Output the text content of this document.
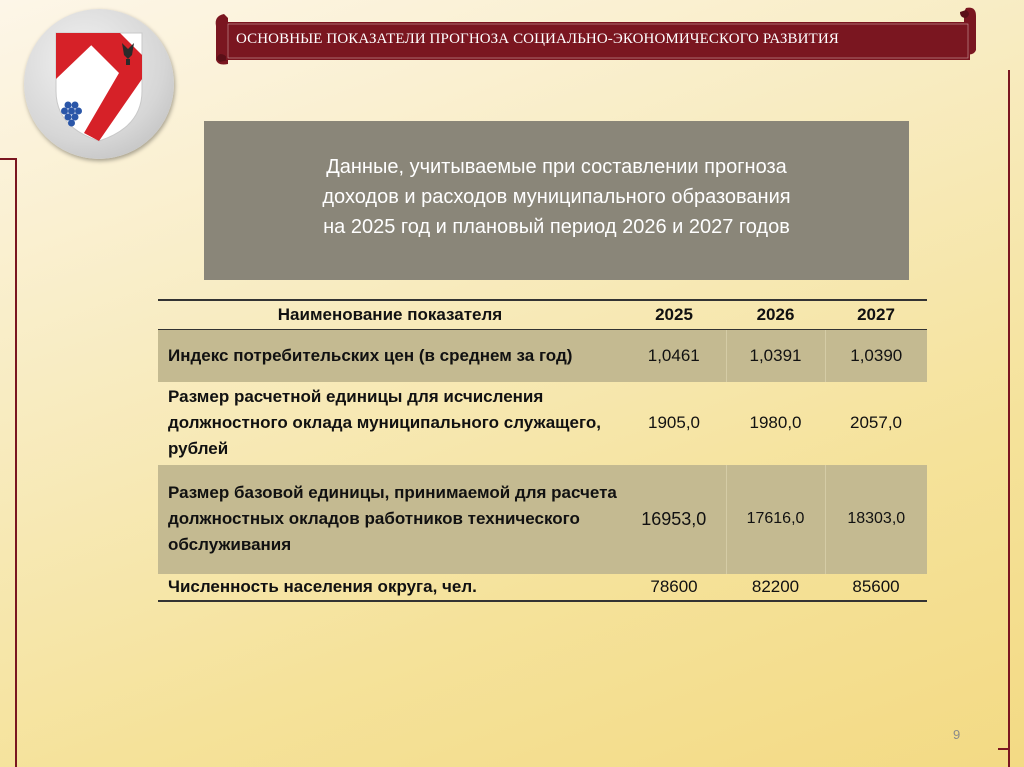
ОСНОВНЫЕ ПОКАЗАТЕЛИ ПРОГНОЗА СОЦИАЛЬНО-ЭКОНОМИЧЕСКОГО РАЗВИТИЯ
Данные, учитываемые при составлении прогноза
доходов и расходов муниципального образования
на 2025 год и плановый период 2026 и 2027 годов
Наименование показателя	2025	2026	2027
Индекс потребительских цен (в среднем за год)	1,0461	1,0391	1,0390
Размер расчетной единицы для исчисления должностного оклада муниципального служащего, рублей	1905,0	1980,0	2057,0
Размер базовой единицы, принимаемой для расчета должностных окладов работников технического обслуживания	16953,0	17616,0	18303,0
Численность населения округа, чел.	78600	82200	85600
9
